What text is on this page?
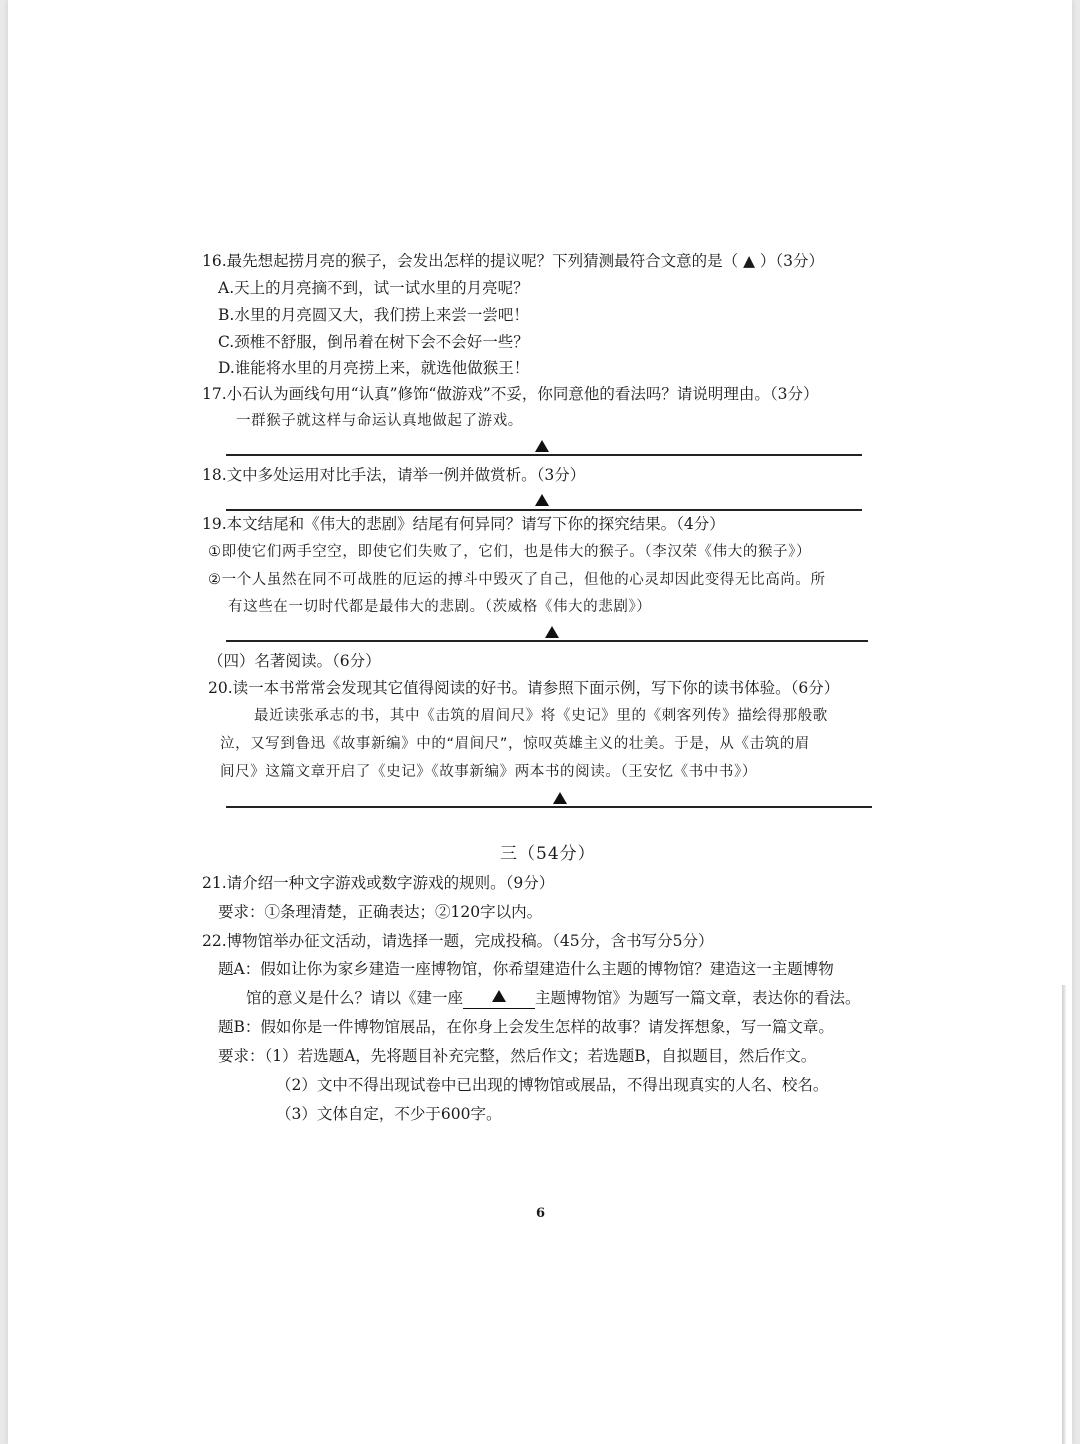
16.最先想起捞月亮的猴子，会发出怎样的提议呢？下列猜测最符合文意的是（ ▲ ）（3分）
A.天上的月亮摘不到，试一试水里的月亮呢？
B.水里的月亮圆又大，我们捞上来尝一尝吧！
C.颈椎不舒服，倒吊着在树下会不会好一些？
D.谁能将水里的月亮捞上来，就选他做猴王！
17.小石认为画线句用“认真”修饰“做游戏”不妥，你同意他的看法吗？请说明理由。（3分）
一群猴子就这样与命运认真地做起了游戏。
18.文中多处运用对比手法，请举一例并做赏析。（3分）
19.本文结尾和《伟大的悲剧》结尾有何异同？请写下你的探究结果。（4分）
①即使它们两手空空，即使它们失败了，它们，也是伟大的猴子。（李汉荣《伟大的猴子》）
②一个人虽然在同不可战胜的厄运的搏斗中毁灭了自己，但他的心灵却因此变得无比高尚。所
有这些在一切时代都是最伟大的悲剧。（茨威格《伟大的悲剧》）
（四）名著阅读。（6分）
20.读一本书常常会发现其它值得阅读的好书。请参照下面示例，写下你的读书体验。（6分）
最近读张承志的书，其中《击筑的眉间尺》将《史记》里的《刺客列传》描绘得那般歌
泣，又写到鲁迅《故事新编》中的“眉间尺”，惊叹英雄主义的壮美。于是，从《击筑的眉
间尺》这篇文章开启了《史记》《故事新编》两本书的阅读。（王安忆《书中书》）
三（54分）
21.请介绍一种文字游戏或数字游戏的规则。（9分）
要求：①条理清楚，正确表达；②120字以内。
22.博物馆举办征文活动，请选择一题，完成投稿。（45分，含书写分5分）
题A：假如让你为家乡建造一座博物馆，你希望建造什么主题的博物馆？建造这一主题博物
馆的意义是什么？请以《建一座	主题博物馆》为题写一篇文章，表达你的看法。
题B：假如你是一件博物馆展品，在你身上会发生怎样的故事？请发挥想象，写一篇文章。
要求：（1）若选题A，先将题目补充完整，然后作文；若选题B，自拟题目，然后作文。
（2）文中不得出现试卷中已出现的博物馆或展品，不得出现真实的人名、校名。
（3）文体自定，不少于600字。
6
